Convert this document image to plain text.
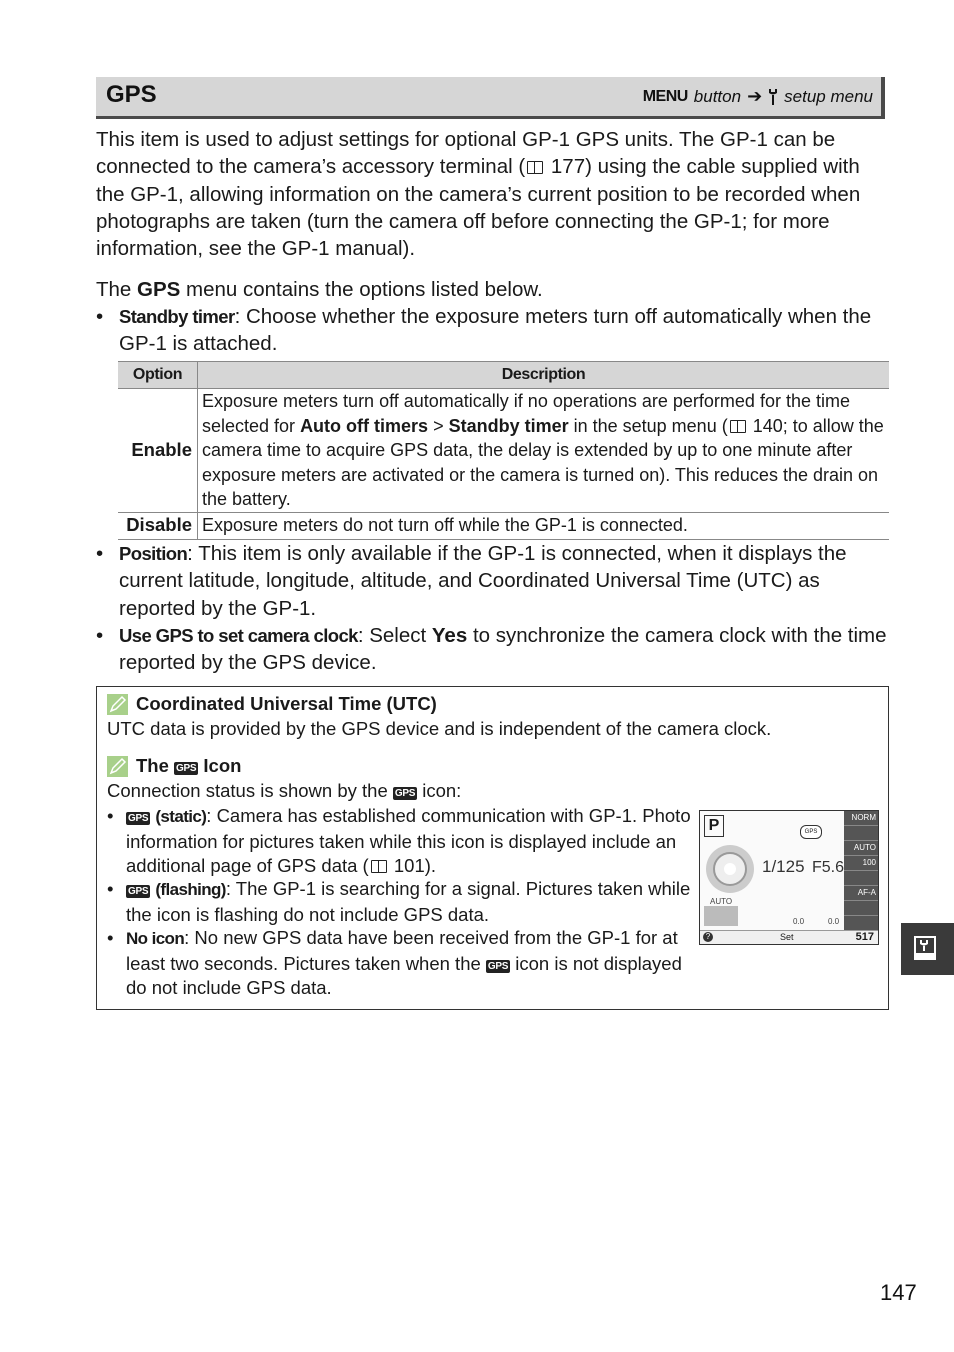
GPS	MENU button ➔ setup menu
This item is used to adjust settings for optional GP-1 GPS units. The GP-1 can be connected to the camera’s accessory terminal ( 177) using the cable supplied with the GP-1, allowing information on the camera’s current position to be recorded when photographs are taken (turn the camera off before connecting the GP-1; for more information, see the GP-1 manual).
The GPS menu contains the options listed below.
• Standby timer: Choose whether the exposure meters turn off automatically when the GP-1 is attached.
Option	Description
Enable	Exposure meters turn off automatically if no operations are performed for the time selected for Auto off timers > Standby timer in the setup menu ( 140; to allow the camera time to acquire GPS data, the delay is extended by up to one minute after exposure meters are activated or the camera is turned on). This reduces the drain on the battery.
Disable	Exposure meters do not turn off while the GP-1 is connected.
• Position: This item is only available if the GP-1 is connected, when it displays the current latitude, longitude, altitude, and Coordinated Universal Time (UTC) as reported by the GP-1.
• Use GPS to set camera clock: Select Yes to synchronize the camera clock with the time reported by the GPS device.
Coordinated Universal Time (UTC)
UTC data is provided by the GPS device and is independent of the camera clock.
The GPS Icon
Connection status is shown by the GPS icon:
• GPS (static): Camera has established communication with GP-1. Photo information for pictures taken while this icon is displayed include an additional page of GPS data ( 101).
• GPS (flashing): The GP-1 is searching for a signal. Pictures taken while the icon is flashing do not include GPS data.
• No icon: No new GPS data have been received from the GP-1 for at least two seconds. Pictures taken when the GPS icon is not displayed do not include GPS data.
P	GPS
1/125 F5.6
AUTO
0.0	0.0
NORM
AUTO
100
AF-A
?	Set	517
147
